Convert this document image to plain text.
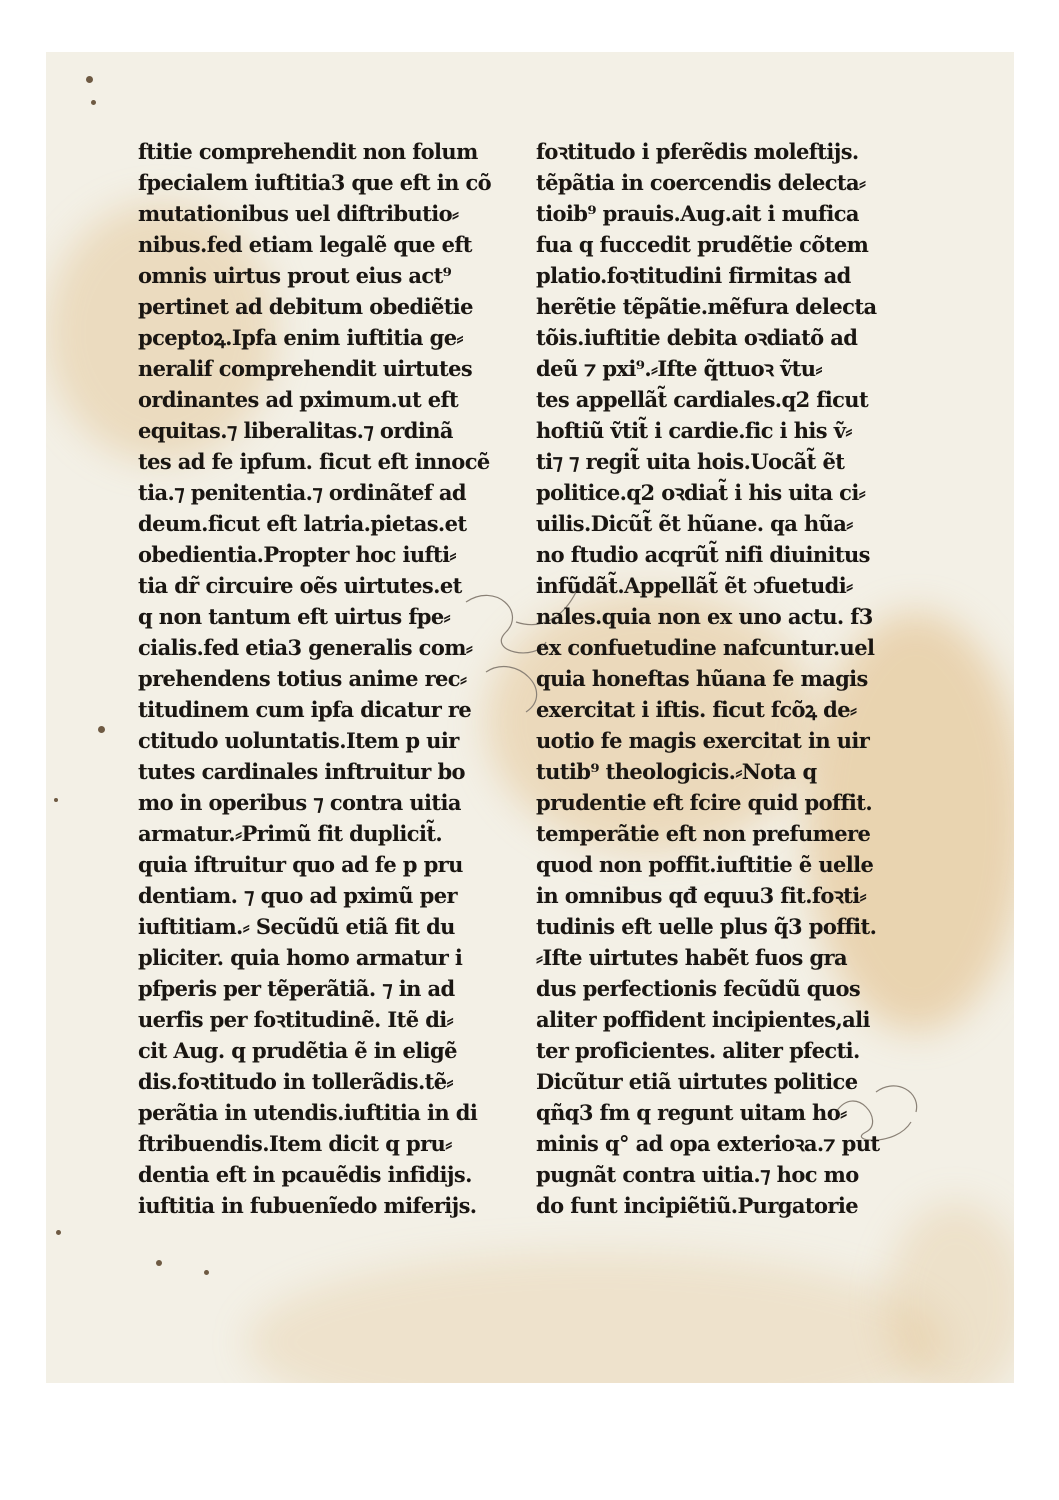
ftitie comprehendit non folum
fpecialem iuftitia3 que eft in cõ
mutationibus uel diftributio⸗
nibus.fed etiam legalẽ que eft
omnis uirtus prout eius act⁹
pertinet ad debitum obediẽtie
pceptoꝝ.Ipfa enim iuftitia ge⸗
neralif comprehendit uirtutes
ordinantes ad pximum.ut eft
equitas.⁊ liberalitas.⁊ ordinã
tes ad fe ipfum. ficut eft innocẽ
tia.⁊ penitentia.⁊ ordinãtef ad
deum.ficut eft latria.pietas.et
obedientia.Propter hoc iufti⸗
tia dr̃ circuire oẽs uirtutes.et
q non tantum eft uirtus fpe⸗
cialis.fed etia3 generalis com⸗
prehendens totius anime rec⸗
titudinem cum ipfa dicatur re
ctitudo uoluntatis.Item p uir
tutes cardinales inftruitur bo
mo in operibus ⁊ contra uitia
armatur.⸗Primũ fit duplicit̃.
quia iftruitur quo ad fe p pru
dentiam. ⁊ quo ad pximũ per
iuftitiam.⸗ Secũdũ etiã fit du
pliciter. quia homo armatur i
pfperis per tẽperãtiã. ⁊ in ad
uerfis per foꝛtitudinẽ. Itẽ di⸗
cit Aug. q prudẽtia ẽ in eligẽ
dis.foꝛtitudo in tollerãdis.tẽ⸗
perãtia in utendis.iuftitia in di
ftribuendis.Item dicit q pru⸗
dentia eft in pcauẽdis infidijs.
iuftitia in fubuenĩedo miferijs.
foꝛtitudo i pferẽdis moleftijs.
tẽpãtia in coercendis delecta⸗
tioib⁹ prauis.Aug.ait i mufica
fua q fuccedit prudẽtie cõtem
platio.foꝛtitudini firmitas ad
herẽtie tẽpãtie.mẽfura delecta
tõis.iuftitie debita oꝛdiatõ ad
deũ ⁊ pxi⁹.⸗Ifte q̃ttuoꝛ ṽtu⸗
tes appellãt̃ cardiales.q2 ficut
hoftiũ ṽtit̃ i cardie.fic i his ṽ⸗
ti⁊ ⁊ regit̃ uita hois.Uocãt̃ ẽt
politice.q2 oꝛdiat̃ i his uita ci⸗
uilis.Dicũt̃ ẽt hũane. qa hũa⸗
no ftudio acqrũt̃ nifi diuinitus
infũdãt̃.Appellãt̃ ẽt ↄfuetudi⸗
nales.quia non ex uno actu. f3
ex confuetudine nafcuntur.uel
quia honeftas hũana fe magis
exercitat i iftis. ficut fcõꝝ de⸗
uotio fe magis exercitat in uir
tutib⁹ theologicis.⸗Nota q
prudentie eft fcire quid poffit.
temperãtie eft non prefumere
quod non poffit.iuftitie ẽ uelle
in omnibus qđ equu3 fit.foꝛti⸗
tudinis eft uelle plus q̃3 poffit.
⸗Ifte uirtutes habẽt fuos gra
dus perfectionis fecũdũ quos
aliter poffident incipientes,ali
ter proficientes. aliter pfecti.
Dicũtur etiã uirtutes politice
qñq3 fm q regunt uitam ho⸗
minis q° ad opa exterioꝛa.⁊ put
pugnãt contra uitia.⁊ hoc mo
do funt incipiẽtiũ.Purgatorie
